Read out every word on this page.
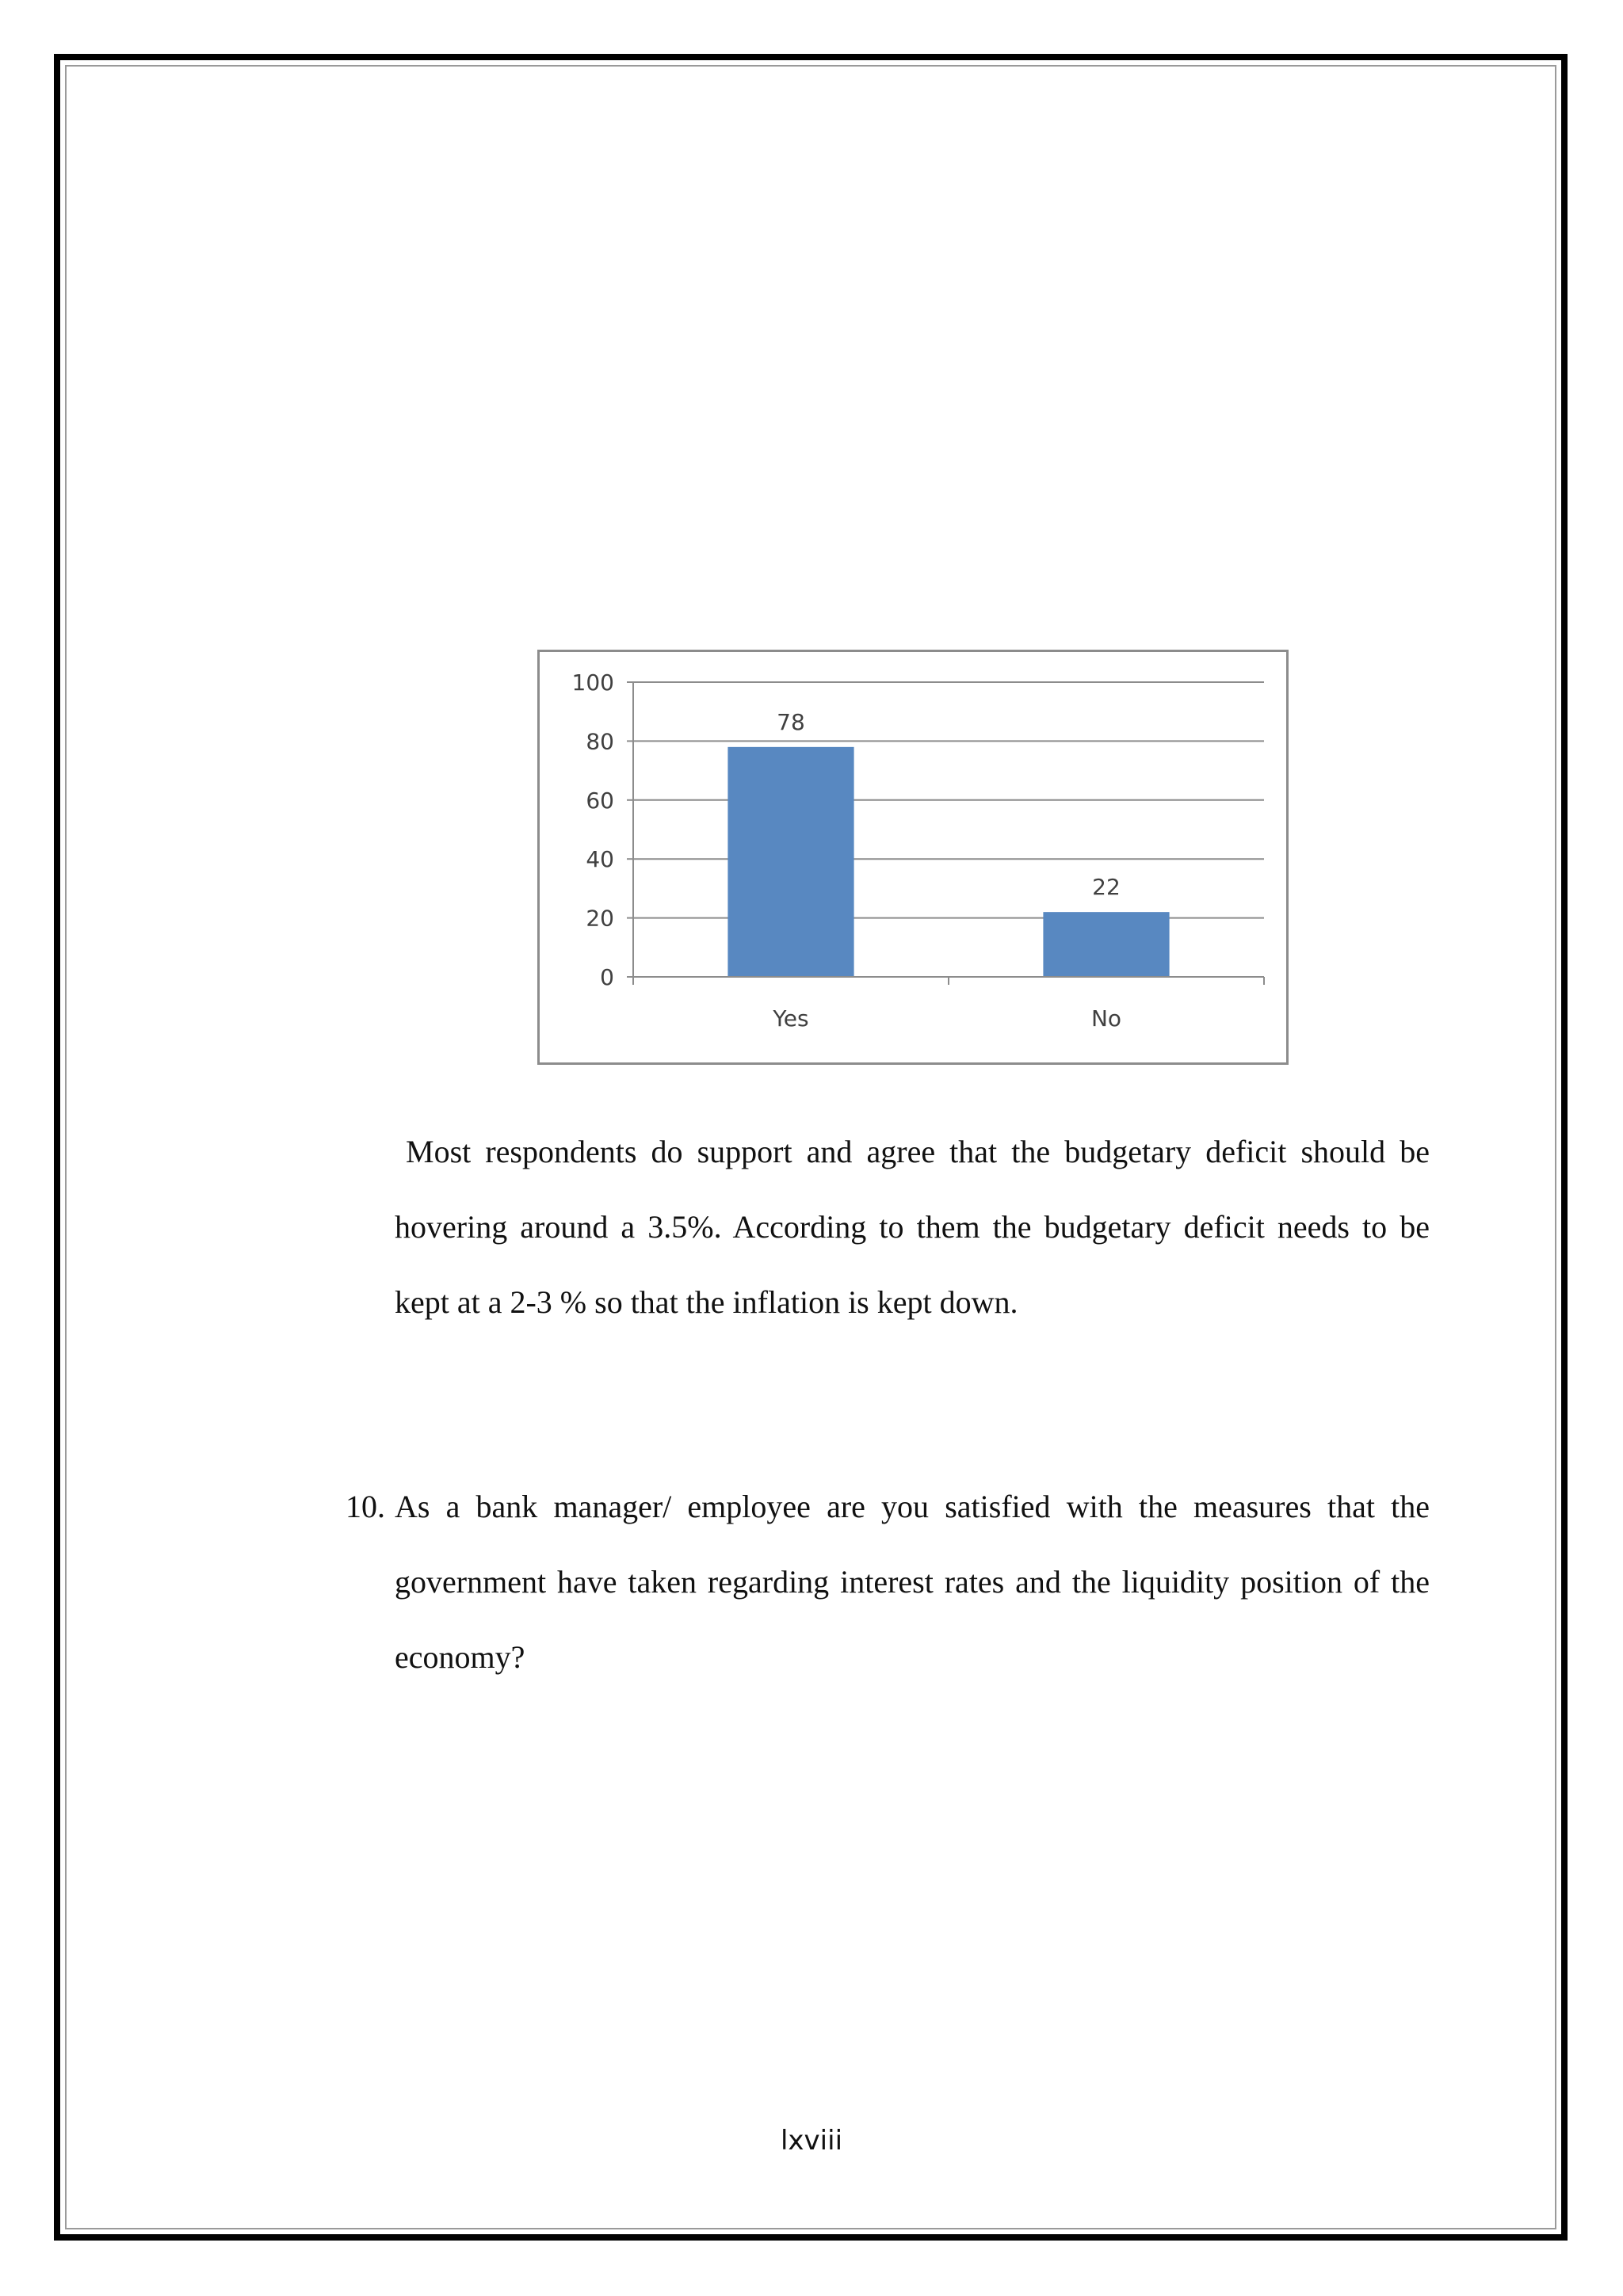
0
20
40
60
80
100
78
Yes
22
No

Most respondents do support and agree that the budgetary deficit should be hovering around a 3.5%. According to them the budgetary deficit needs to be kept at a 2-3 % so that the inflation is kept down.

10. As a bank manager/ employee are you satisfied with the measures that the government have taken regarding interest rates and the liquidity position of the economy?
lxviii
